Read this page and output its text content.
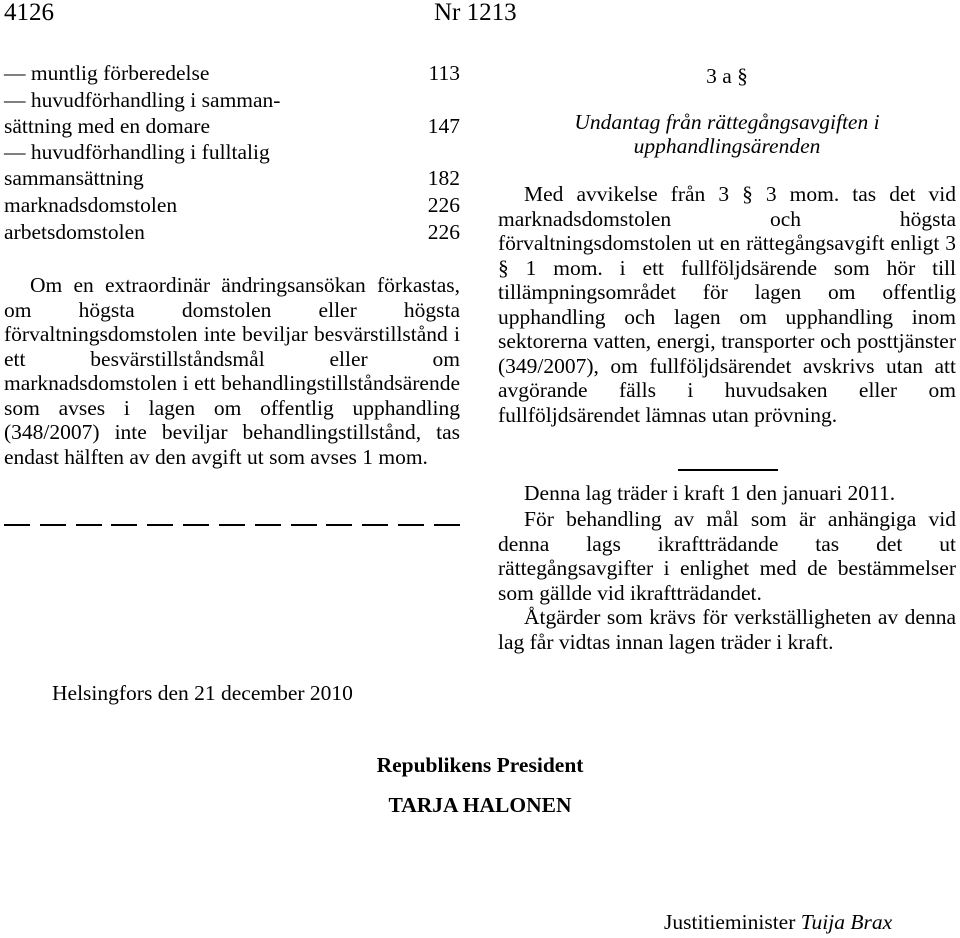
4126	Nr 1213
— muntlig förberedelse	113
— huvudförhandling i samman-
sättning med en domare	147
— huvudförhandling i fulltalig
sammansättning	182
marknadsdomstolen	226
arbetsdomstolen	226
Om en extraordinär ändringsansökan förkastas, om högsta domstolen eller högsta förvaltningsdomstolen inte beviljar besvärstillstånd i ett besvärstillståndsmål eller om marknadsdomstolen i ett behandlingstillståndsärende som avses i lagen om offentlig upphandling (348/2007) inte beviljar behandlingstillstånd, tas endast hälften av den avgift ut som avses 1 mom.
3 a §
Undantag från rättegångsavgiften i
upphandlingsärenden
Med avvikelse från 3 § 3 mom. tas det vid marknadsdomstolen och högsta förvaltningsdomstolen ut en rättegångsavgift enligt 3 § 1 mom. i ett fullföljdsärende som hör till tillämpningsområdet för lagen om offentlig upphandling och lagen om upphandling inom sektorerna vatten, energi, transporter och posttjänster (349/2007), om fullföljdsärendet avskrivs utan att avgörande fälls i huvudsaken eller om fullföljdsärendet lämnas utan prövning.
Denna lag träder i kraft 1 den januari 2011.
För behandling av mål som är anhängiga vid denna lags ikraftträdande tas det ut rättegångsavgifter i enlighet med de bestämmelser som gällde vid ikraftträdandet.
Åtgärder som krävs för verkställigheten av denna lag får vidtas innan lagen träder i kraft.
Helsingfors den 21 december 2010
Republikens President
TARJA HALONEN
Justitieminister Tuija Brax
